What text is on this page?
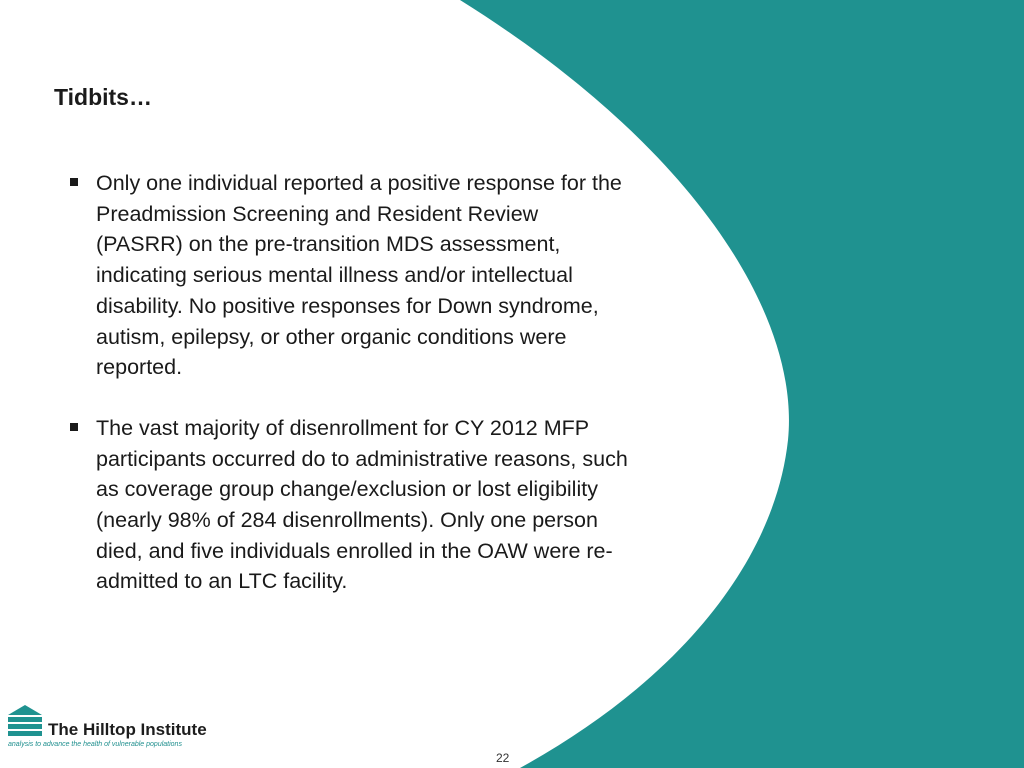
Tidbits…
Only one individual reported a positive response for the Preadmission Screening and Resident Review (PASRR) on the pre-transition MDS assessment, indicating serious mental illness and/or intellectual disability. No positive responses for Down syndrome, autism, epilepsy, or other organic conditions were reported.
The vast majority of disenrollment for CY 2012 MFP participants occurred do to administrative reasons, such as coverage group change/exclusion or lost eligibility (nearly 98% of 284 disenrollments). Only one person died, and five individuals enrolled in the OAW were re-admitted to an LTC facility.
The Hilltop Institute
analysis to advance the health of vulnerable populations
22
